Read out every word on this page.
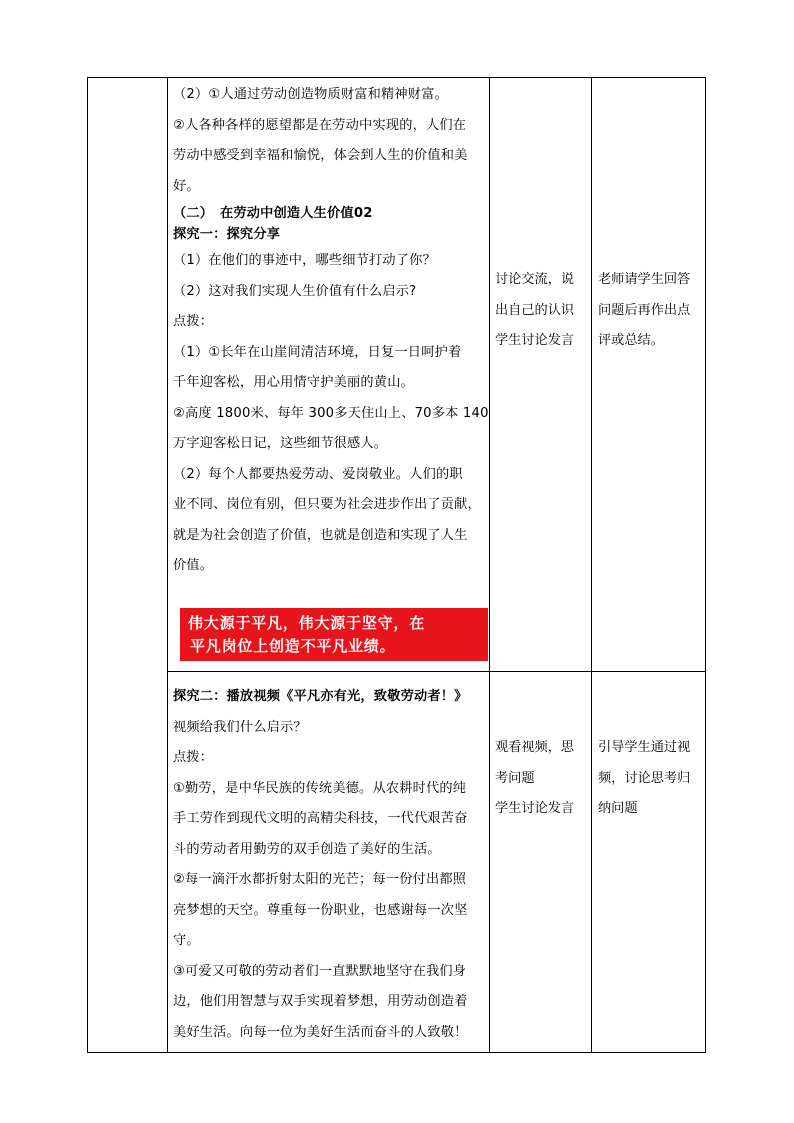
（2）①人通过劳动创造物质财富和精神财富。

②人各种各样的愿望都是在劳动中实现的，人们在

劳动中感受到幸福和愉悦，体会到人生的价值和美

好。

（二）　在劳动中创造人生价值02

探究一：探究分享

（1）在他们的事迹中，哪些细节打动了你？

（2）这对我们实现人生价值有什么启示?

点拨：

（1）①长年在山崖间清洁环境，日复一日呵护着

千年迎客松，用心用情守护美丽的黄山。

②高度 1800米、每年 300多天住山上、70多本 140

万字迎客松日记，这些细节很感人。

（2）每个人都要热爱劳动、爱岗敬业。人们的职

业不同、岗位有别，但只要为社会进步作出了贡献，

就是为社会创造了价值，也就是创造和实现了人生

价值。

伟大源于平凡，伟大源于坚守，在
平凡岗位上创造不平凡业绩。

探究二：播放视频《平凡亦有光，致敬劳动者！》

视频给我们什么启示？

点拨：

①勤劳，是中华民族的传统美德。从农耕时代的纯

手工劳作到现代文明的高精尖科技，一代代艰苦奋

斗的劳动者用勤劳的双手创造了美好的生活。

②每一滴汗水都折射太阳的光芒；每一份付出都照

亮梦想的天空。尊重每一份职业，也感谢每一次坚

守。

③可爱又可敬的劳动者们一直默默地坚守在我们身

边，他们用智慧与双手实现着梦想，用劳动创造着

美好生活。向每一位为美好生活而奋斗的人致敬！

讨论交流，说

出自己的认识

学生讨论发言

观看视频，思

考问题

学生讨论发言

老师请学生回答

问题后再作出点

评或总结。

引导学生通过视

频，讨论思考归

纳问题
